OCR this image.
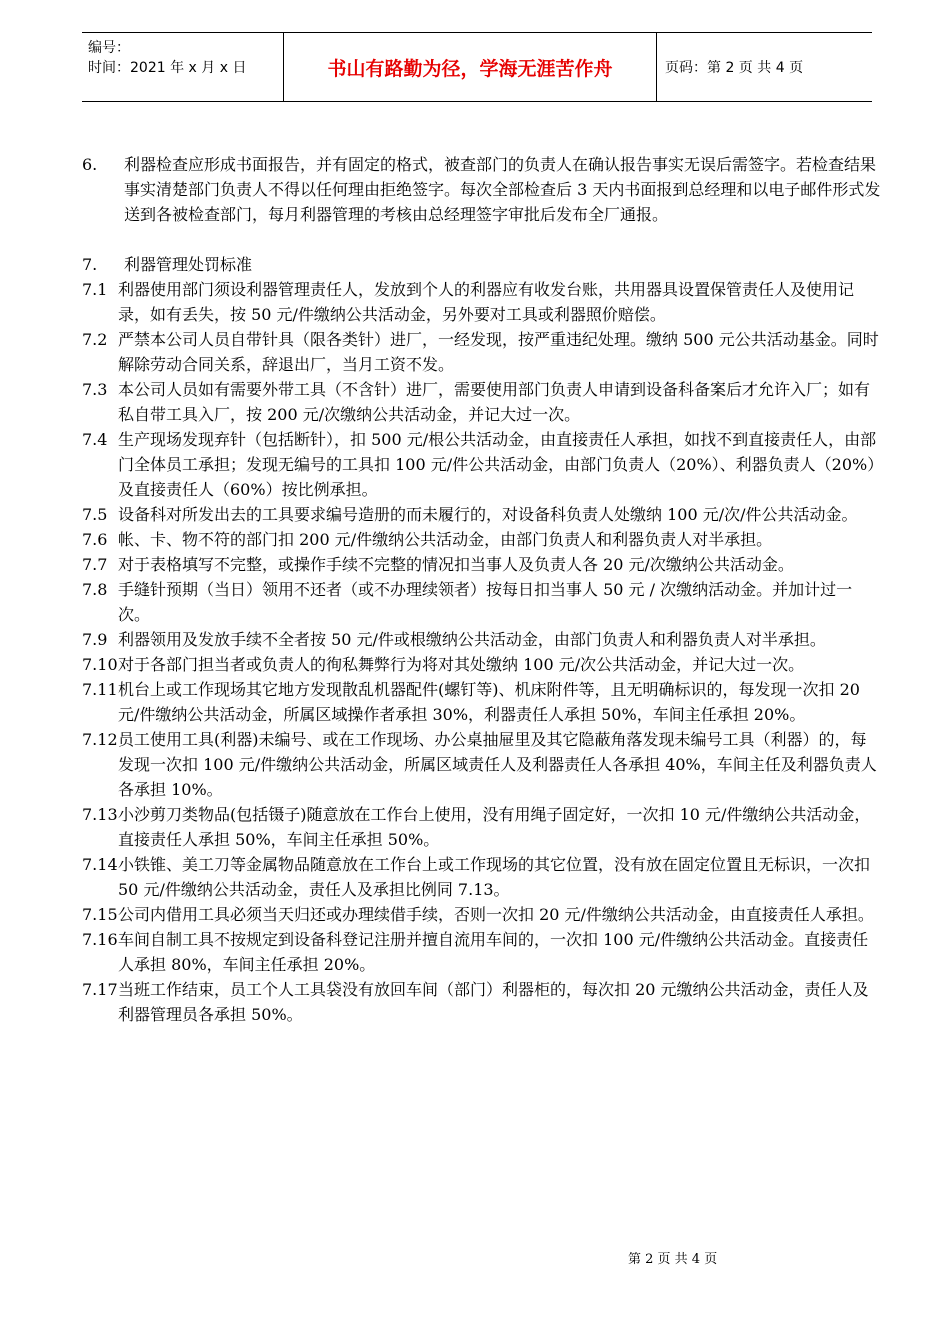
编号：
时间：2021 年 x 月 x 日	书山有路勤为径，学海无涯苦作舟	页码：第 2 页 共 4 页
6.	利器检查应形成书面报告，并有固定的格式，被查部门的负责人在确认报告事实无误后需签字。若检查结果事实清楚部门负责人不得以任何理由拒绝签字。每次全部检查后 3 天内书面报到总经理和以电子邮件形式发送到各被检查部门，每月利器管理的考核由总经理签字审批后发布全厂通报。
7.	利器管理处罚标准
7.1 利器使用部门须设利器管理责任人，发放到个人的利器应有收发台账，共用器具设置保管责任人及使用记录，如有丢失，按 50 元/件缴纳公共活动金，另外要对工具或利器照价赔偿。
7.2 严禁本公司人员自带针具（限各类针）进厂，一经发现，按严重违纪处理。缴纳 500 元公共活动基金。同时解除劳动合同关系，辞退出厂，当月工资不发。
7.3 本公司人员如有需要外带工具（不含针）进厂，需要使用部门负责人申请到设备科备案后才允许入厂；如有私自带工具入厂，按 200 元/次缴纳公共活动金，并记大过一次。
7.4 生产现场发现弃针（包括断针），扣 500 元/根公共活动金，由直接责任人承担，如找不到直接责任人，由部门全体员工承担；发现无编号的工具扣 100 元/件公共活动金，由部门负责人（20%）、利器负责人（20%）及直接责任人（60%）按比例承担。
7.5 设备科对所发出去的工具要求编号造册的而未履行的，对设备科负责人处缴纳 100 元/次/件公共活动金。
7.6 帐、卡、物不符的部门扣 200 元/件缴纳公共活动金，由部门负责人和利器负责人对半承担。
7.7 对于表格填写不完整，或操作手续不完整的情况扣当事人及负责人各 20 元/次缴纳公共活动金。
7.8 手缝针预期（当日）领用不还者（或不办理续领者）按每日扣当事人 50 元 / 次缴纳活动金。并加计过一次。
7.9 利器领用及发放手续不全者按 50 元/件或根缴纳公共活动金，由部门负责人和利器负责人对半承担。
7.10 对于各部门担当者或负责人的徇私舞弊行为将对其处缴纳 100 元/次公共活动金，并记大过一次。
7.11 机台上或工作现场其它地方发现散乱机器配件(螺钉等)、机床附件等，且无明确标识的，每发现一次扣 20 元/件缴纳公共活动金，所属区域操作者承担 30%，利器责任人承担 50%，车间主任承担 20%。
7.12 员工使用工具(利器)未编号、或在工作现场、办公桌抽屉里及其它隐蔽角落发现未编号工具（利器）的，每发现一次扣 100 元/件缴纳公共活动金，所属区域责任人及利器责任人各承担 40%，车间主任及利器负责人各承担 10%。
7.13 小沙剪刀类物品(包括镊子)随意放在工作台上使用，没有用绳子固定好，一次扣 10 元/件缴纳公共活动金，直接责任人承担 50%，车间主任承担 50%。
7.14 小铁锥、美工刀等金属物品随意放在工作台上或工作现场的其它位置，没有放在固定位置且无标识，一次扣 50 元/件缴纳公共活动金，责任人及承担比例同 7.13。
7.15 公司内借用工具必须当天归还或办理续借手续，否则一次扣 20 元/件缴纳公共活动金，由直接责任人承担。
7.16 车间自制工具不按规定到设备科登记注册并擅自流用车间的，一次扣 100 元/件缴纳公共活动金。直接责任人承担 80%，车间主任承担 20%。
7.17 当班工作结束，员工个人工具袋没有放回车间（部门）利器柜的，每次扣 20 元缴纳公共活动金，责任人及利器管理员各承担 50%。
第 2 页 共 4 页
